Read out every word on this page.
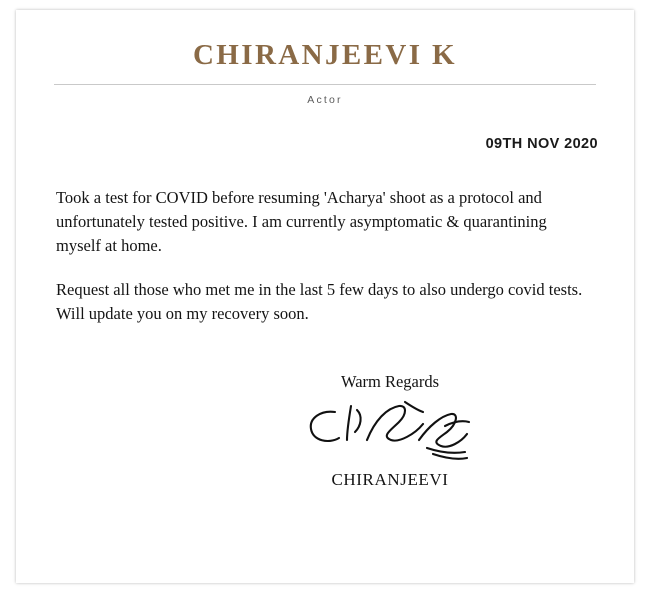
CHIRANJEEVI K
Actor
09TH NOV 2020
Took a test for COVID before resuming 'Acharya' shoot as a protocol and unfortunately tested positive. I am currently asymptomatic & quarantining myself at home.
Request all those who met me in the last 5 few days to also undergo covid tests. Will update you on my recovery soon.
Warm Regards
CHIRANJEEVI
